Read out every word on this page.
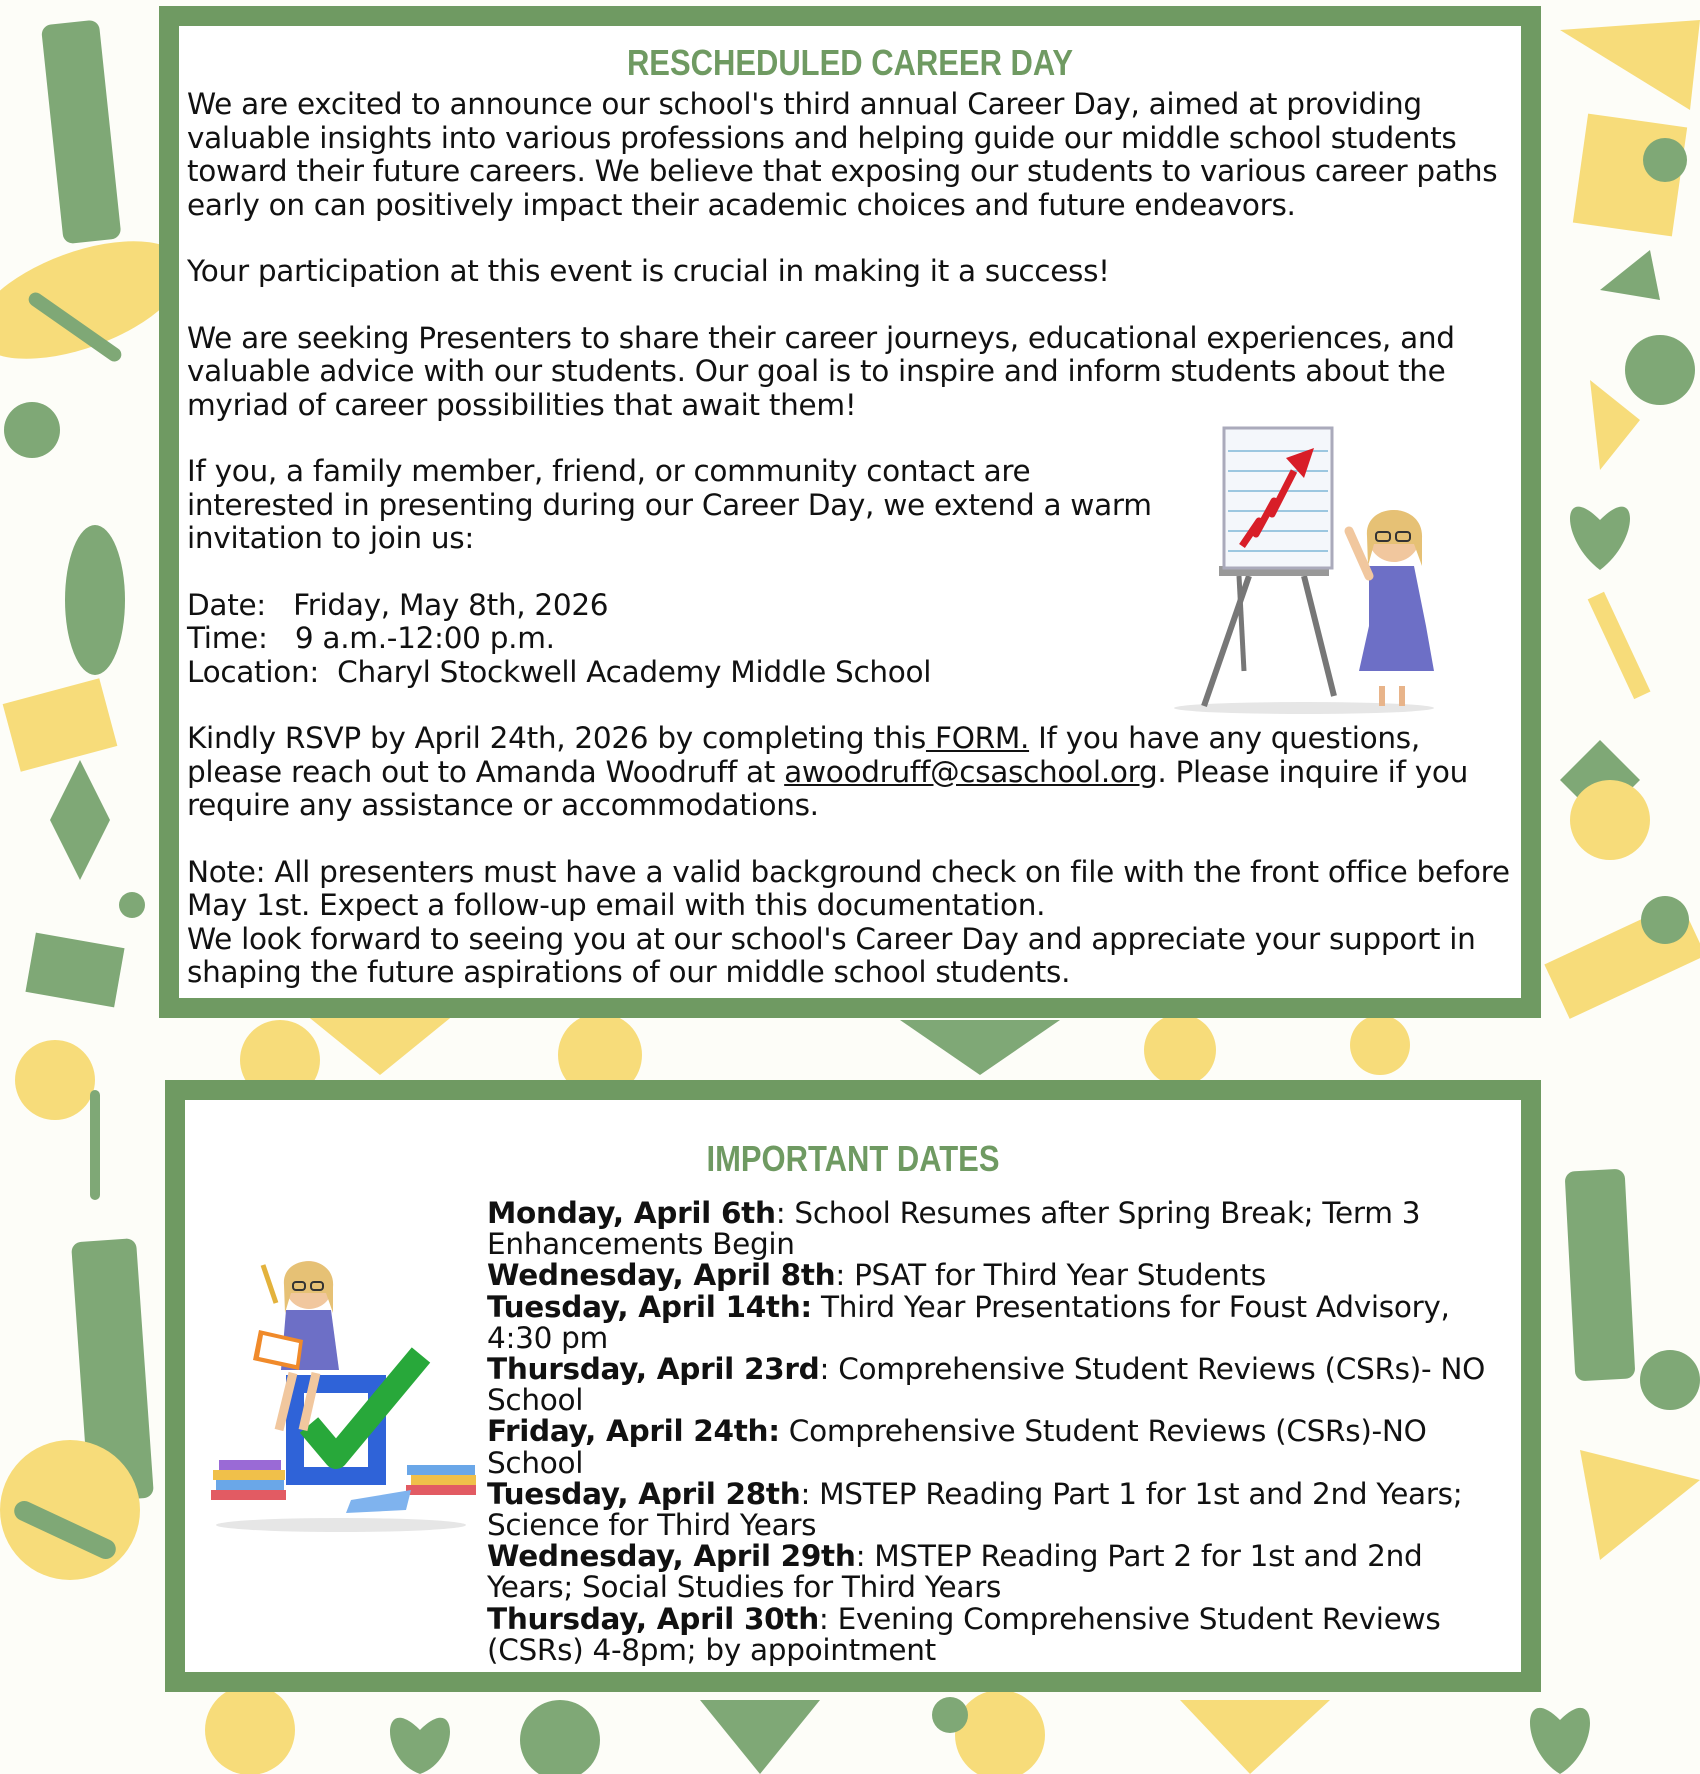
RESCHEDULED CAREER DAY

We are excited to announce our school's third annual Career Day, aimed at providing valuable insights into various professions and helping guide our middle school students toward their future careers. We believe that exposing our students to various career paths early on can positively impact their academic choices and future endeavors.

Your participation at this event is crucial in making it a success!

We are seeking Presenters to share their career journeys, educational experiences, and valuable advice with our students. Our goal is to inspire and inform students about the myriad of career possibilities that await them!

If you, a family member, friend, or community contact are interested in presenting during our Career Day, we extend a warm invitation to join us:

Date:   Friday, May 8th, 2026
Time:   9 a.m.-12:00 p.m.

Location:  Charyl Stockwell Academy Middle School

Kindly RSVP by April 24th, 2026 by completing this FORM. If you have any questions, please reach out to Amanda Woodruff at awoodruff@csaschool.org. Please inquire if you require any assistance or accommodations.

Note: All presenters must have a valid background check on file with the front office before May 1st. Expect a follow-up email with this documentation.

We look forward to seeing you at our school's Career Day and appreciate your support in shaping the future aspirations of our middle school students.

IMPORTANT DATES
Monday, April 6th: School Resumes after Spring Break; Term 3 Enhancements Begin
Wednesday, April 8th: PSAT for Third Year Students
Tuesday, April 14th: Third Year Presentations for Foust Advisory, 4:30 pm
Thursday, April 23rd: Comprehensive Student Reviews (CSRs)- NO School
Friday, April 24th: Comprehensive Student Reviews (CSRs)-NO School
Tuesday, April 28th: MSTEP Reading Part 1 for 1st and 2nd Years; Science for Third Years
Wednesday, April 29th: MSTEP Reading Part 2 for 1st and 2nd Years; Social Studies for Third Years
Thursday, April 30th: Evening Comprehensive Student Reviews (CSRs) 4-8pm; by appointment
